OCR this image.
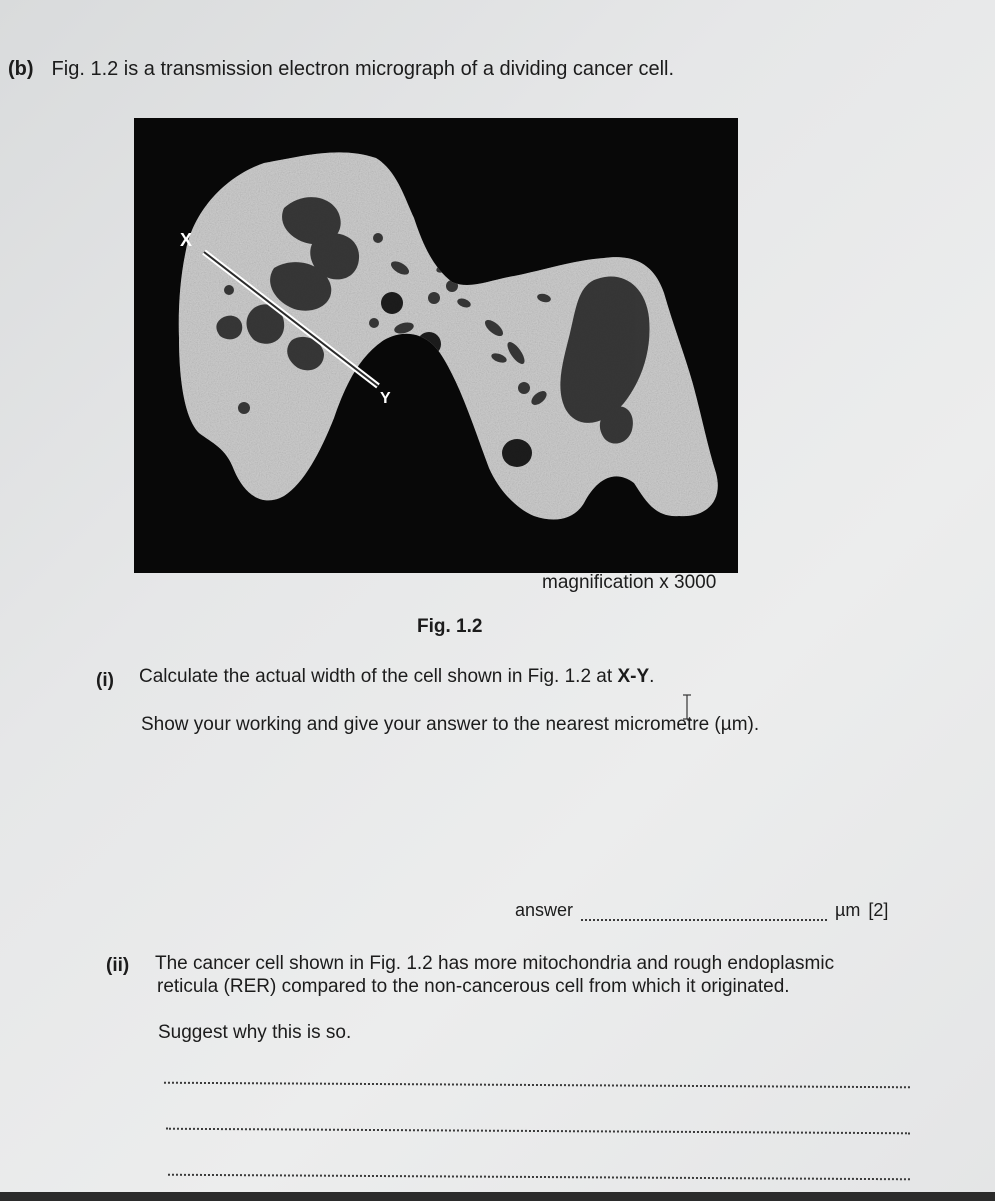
(b) Fig. 1.2 is a transmission electron micrograph of a dividing cancer cell.
X
Y
magnification x 3000
Fig. 1.2
(i) Calculate the actual width of the cell shown in Fig. 1.2 at X-Y.
Show your working and give your answer to the nearest micrometre (µm).
answer	µm [2]
(ii) The cancer cell shown in Fig. 1.2 has more mitochondria and rough endoplasmic
reticula (RER) compared to the non-cancerous cell from which it originated.
Suggest why this is so.
